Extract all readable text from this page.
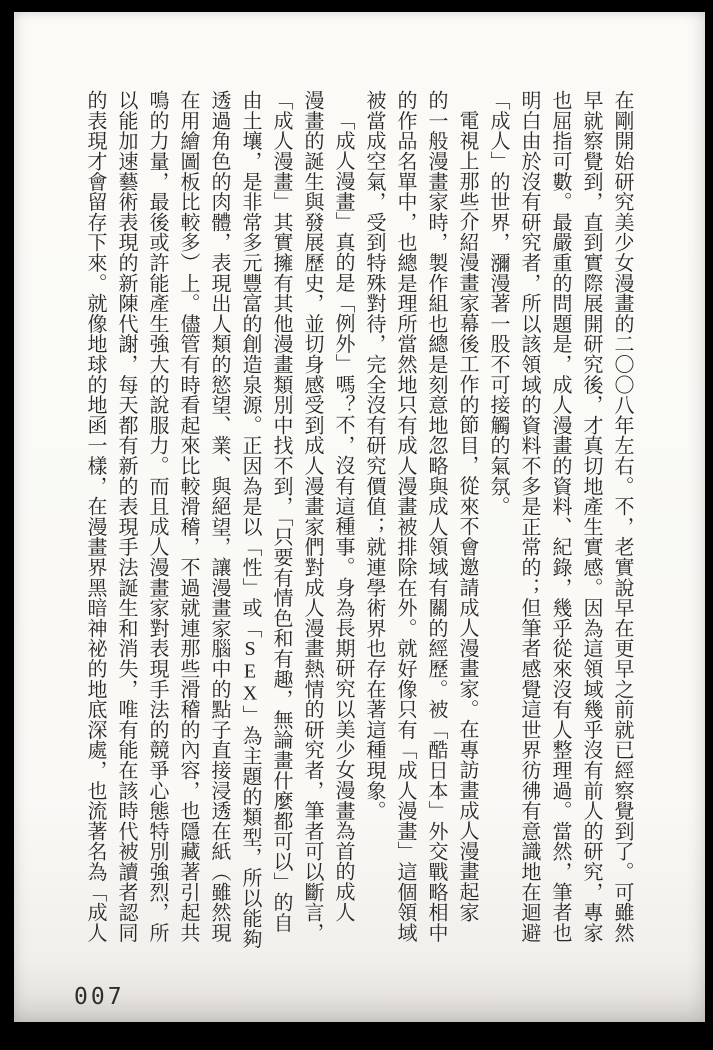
在剛開始研究美少女漫畫的二〇〇八年左右。不，老實說早在更早之前就已經察覺到了。可雖然
早就察覺到，直到實際展開研究後，才真切地產生實感。因為這領域幾乎沒有前人的研究，專家
也屈指可數。最嚴重的問題是，成人漫畫的資料、紀錄，幾乎從來沒有人整理過。當然，筆者也
明白由於沒有研究者，所以該領域的資料不多是正常的；但筆者感覺這世界彷彿有意識地在迴避
「成人」的世界，瀰漫著一股不可接觸的氣氛。
電視上那些介紹漫畫家幕後工作的節目，從來不會邀請成人漫畫家。在專訪畫成人漫畫起家
的一般漫畫家時，製作組也總是刻意地忽略與成人領域有關的經歷。被「酷日本」外交戰略相中
的作品名單中，也總是理所當然地只有成人漫畫被排除在外。就好像只有「成人漫畫」這個領域
被當成空氣，受到特殊對待，完全沒有研究價值；就連學術界也存在著這種現象。
「成人漫畫」真的是「例外」嗎？不，沒有這種事。身為長期研究以美少女漫畫為首的成人
漫畫的誕生與發展歷史，並切身感受到成人漫畫家們對成人漫畫熱情的研究者，筆者可以斷言，
「成人漫畫」其實擁有其他漫畫類別中找不到，「只要有情色和有趣，無論畫什麼都可以」的自
由土壤，是非常多元豐富的創造泉源。正因為是以「性」或「SEX」為主題的類型，所以能夠
透過角色的肉體，表現出人類的慾望、業、與絕望，讓漫畫家腦中的點子直接浸透在紙（雖然現
在用繪圖板比較多）上。儘管有時看起來比較滑稽，不過就連那些滑稽的內容，也隱藏著引起共
鳴的力量，最後或許能產生強大的說服力。而且成人漫畫家對表現手法的競爭心態特別強烈，所
以能加速藝術表現的新陳代謝，每天都有新的表現手法誕生和消失，唯有能在該時代被讀者認同
的表現才會留存下來。就像地球的地函一樣，在漫畫界黑暗神祕的地底深處，也流著名為「成人
007
